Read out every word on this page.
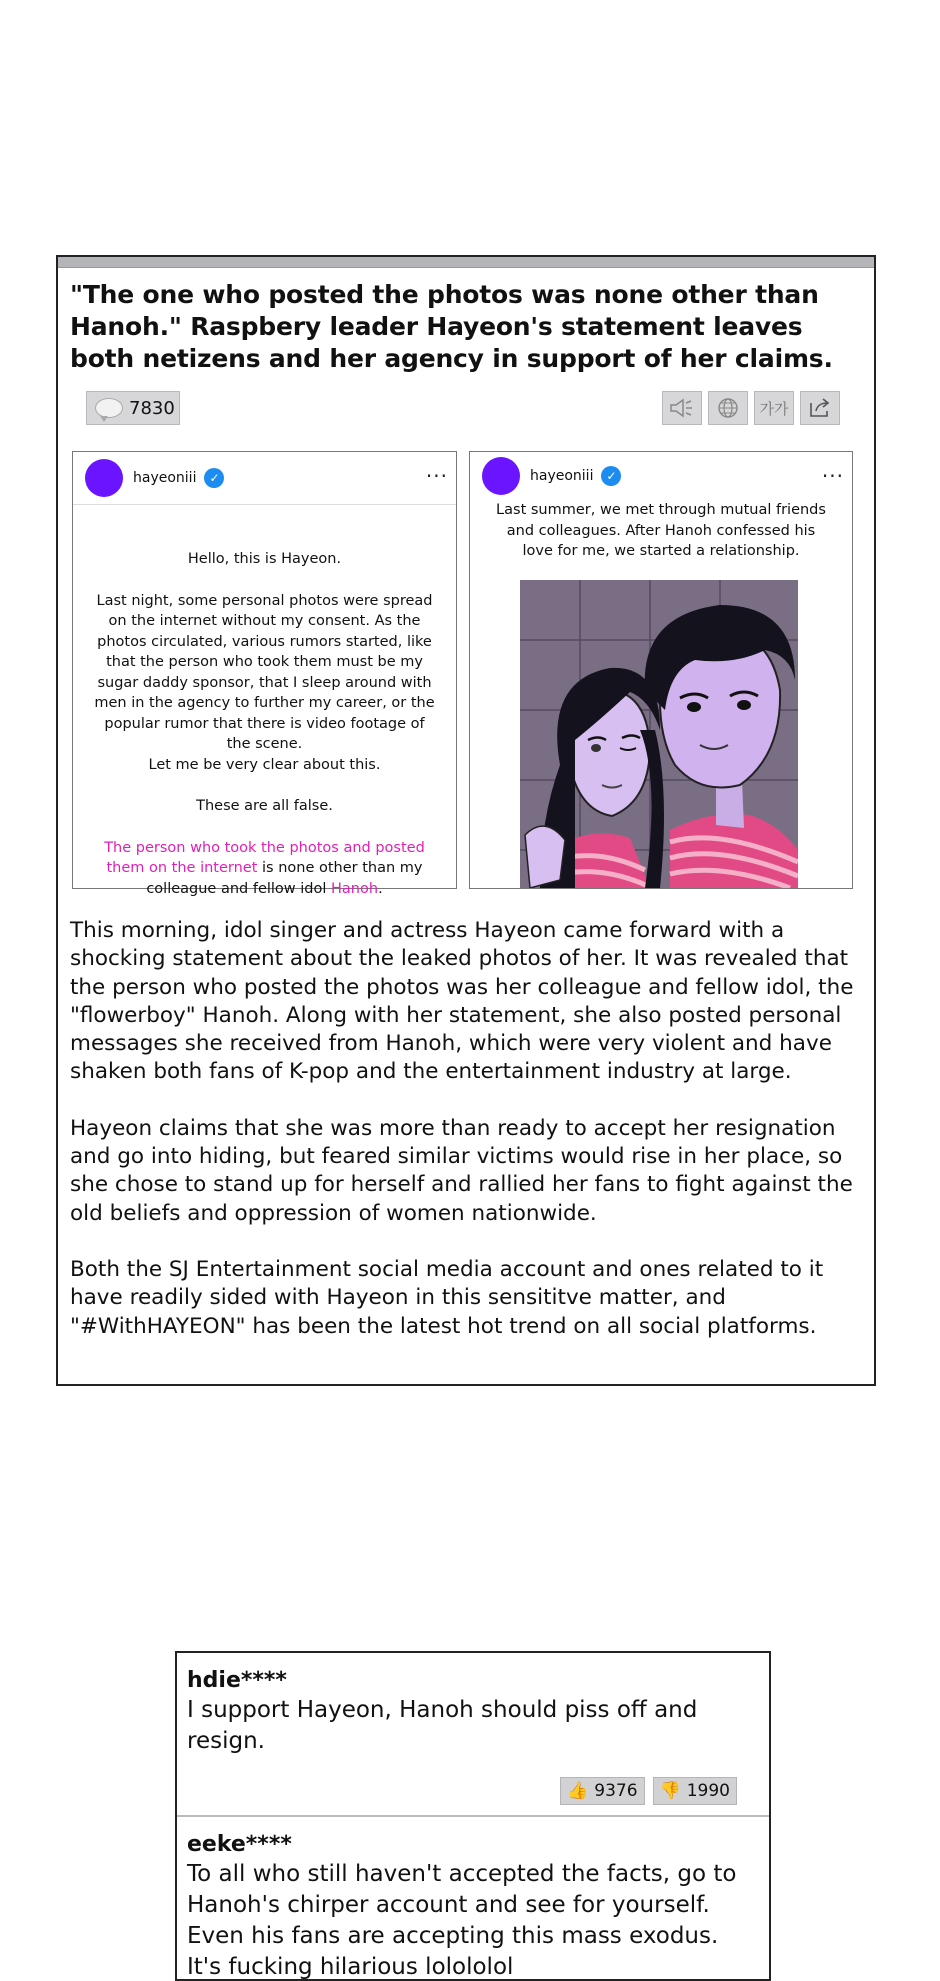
"The one who posted the photos was none other than Hanoh." Raspbery leader Hayeon's statement leaves both netizens and her agency in support of her claims.
7830	가가
hayeoniii	✓	···

Hello, this is Hayeon.

Last night, some personal photos were spread on the internet without my consent. As the photos circulated, various rumors started, like that the person who took them must be my sugar daddy sponsor, that I sleep around with men in the agency to further my career, or the popular rumor that there is video footage of the scene.

Let me be very clear about this.

These are all false.

The person who took the photos and posted them on the internet is none other than my colleague and fellow idol Hanoh.

hayeoniii	✓	···
Last summer, we met through mutual friends and colleagues. After Hanoh confessed his love for me, we started a relationship.

This morning, idol singer and actress Hayeon came forward with a shocking statement about the leaked photos of her. It was revealed that the person who posted the photos was her colleague and fellow idol, the "flowerboy" Hanoh. Along with her statement, she also posted personal messages she received from Hanoh, which were very violent and have shaken both fans of K-pop and the entertainment industry at large.

Hayeon claims that she was more than ready to accept her resignation and go into hiding, but feared similar victims would rise in her place, so she chose to stand up for herself and rallied her fans to fight against the old beliefs and oppression of women nationwide.

Both the SJ Entertainment social media account and ones related to it have readily sided with Hayeon in this sensititve matter, and "#WithHAYEON" has been the latest hot trend on all social platforms.

hdie****
I support Hayeon, Hanoh should piss off and resign.
👍 9376 👎 1990
eeke****
To all who still haven't accepted the facts, go to Hanoh's chirper account and see for yourself. Even his fans are accepting this mass exodus. It's fucking hilarious lolololol
